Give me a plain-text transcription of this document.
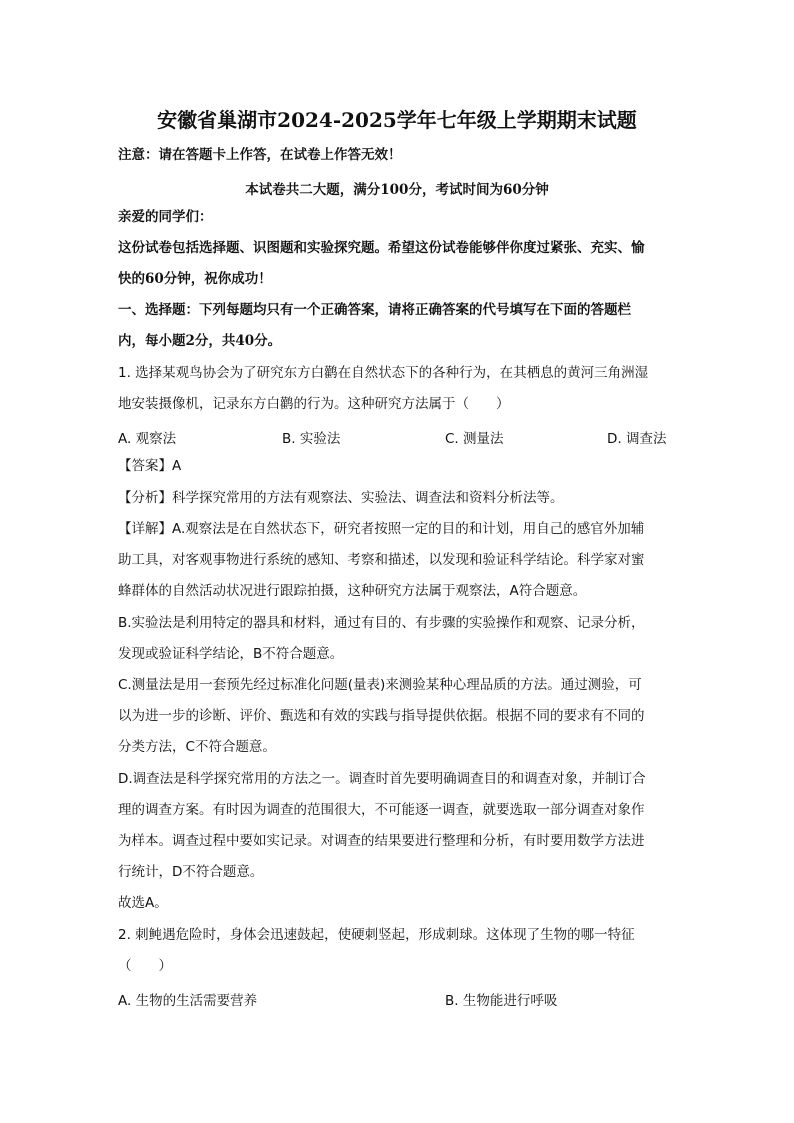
安徽省巢湖市2024-2025学年七年级上学期期末试题
注意：请在答题卡上作答，在试卷上作答无效！
本试卷共二大题，满分100分，考试时间为60分钟
亲爱的同学们：
这份试卷包括选择题、识图题和实验探究题。希望这份试卷能够伴你度过紧张、充实、愉
快的60分钟，祝你成功！
一、选择题：下列每题均只有一个正确答案，请将正确答案的代号填写在下面的答题栏
内，每小题2分，共40分。
1. 选择某观鸟协会为了研究东方白鹳在自然状态下的各种行为，在其栖息的黄河三角洲湿
地安装摄像机，记录东方白鹳的行为。这种研究方法属于（　　）
A. 观察法	B. 实验法	C. 测量法	D. 调查法
【答案】A
【分析】科学探究常用的方法有观察法、实验法、调查法和资料分析法等。
【详解】A.观察法是在自然状态下，研究者按照一定的目的和计划，用自己的感官外加辅
助工具，对客观事物进行系统的感知、考察和描述，以发现和验证科学结论。科学家对蜜
蜂群体的自然活动状况进行跟踪拍摄，这种研究方法属于观察法，A符合题意。
B.实验法是利用特定的器具和材料，通过有目的、有步骤的实验操作和观察、记录分析，
发现或验证科学结论，B不符合题意。
C.测量法是用一套预先经过标准化问题(量表)来测验某种心理品质的方法。通过测验，可
以为进一步的诊断、评价、甄选和有效的实践与指导提供依据。根据不同的要求有不同的
分类方法，C不符合题意。
D.调查法是科学探究常用的方法之一。调查时首先要明确调查目的和调查对象，并制订合
理的调查方案。有时因为调查的范围很大，不可能逐一调查，就要选取一部分调查对象作
为样本。调查过程中要如实记录。对调查的结果要进行整理和分析，有时要用数学方法进
行统计，D不符合题意。
故选A。
2. 刺鲀遇危险时，身体会迅速鼓起，使硬刺竖起，形成刺球。这体现了生物的哪一特征
（　　）
A. 生物的生活需要营养	B. 生物能进行呼吸
